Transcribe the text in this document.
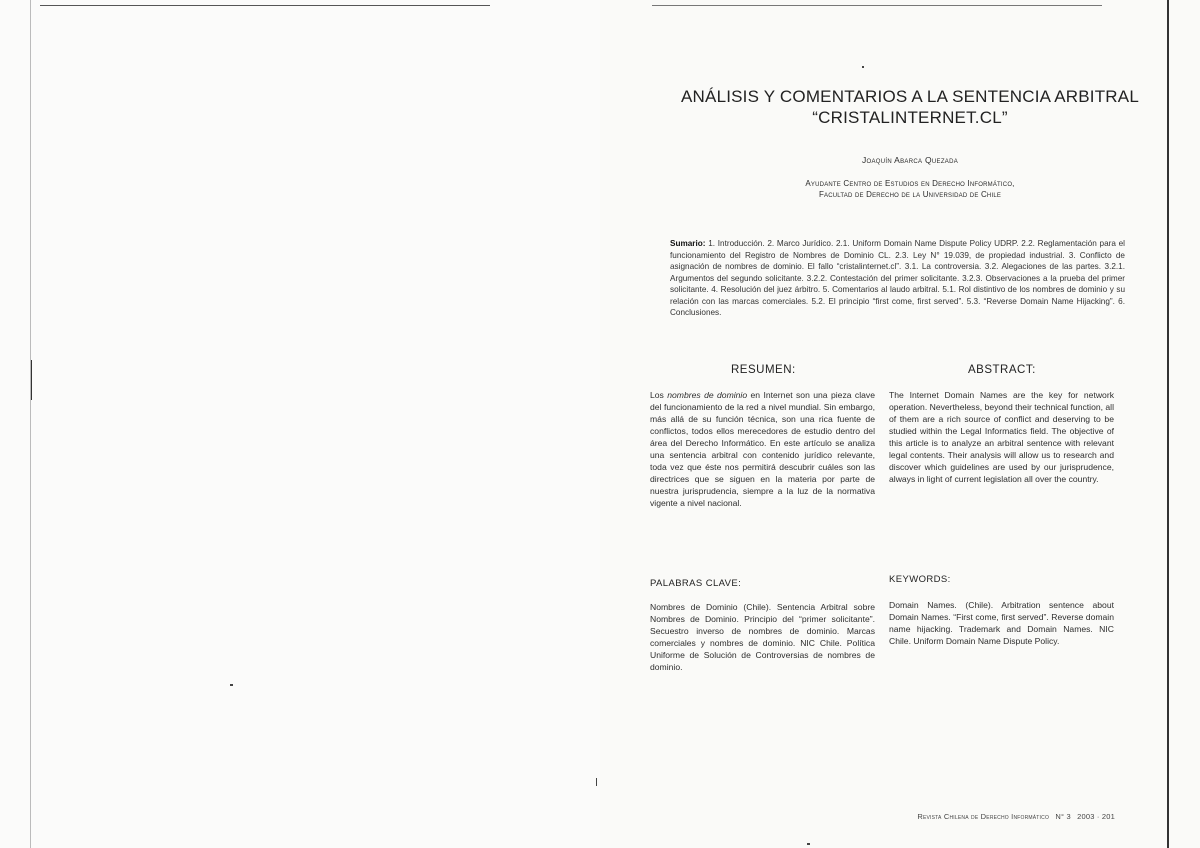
ANÁLISIS Y COMENTARIOS A LA SENTENCIA ARBITRAL
“CRISTALINTERNET.CL”
Joaquín Abarca Quezada
Ayudante Centro de Estudios en Derecho Informático,
Facultad de Derecho de la Universidad de Chile
Sumario: 1. Introducción. 2. Marco Jurídico. 2.1. Uniform Domain Name Dispute Policy UDRP. 2.2. Reglamentación para el funcionamiento del Registro de Nombres de Dominio CL. 2.3. Ley N° 19.039, de propiedad industrial. 3. Conflicto de asignación de nombres de dominio. El fallo “cristalinternet.cl”. 3.1. La controversia. 3.2. Alegaciones de las partes. 3.2.1. Argumentos del segundo solicitante. 3.2.2. Contestación del primer solicitante. 3.2.3. Observaciones a la prueba del primer solicitante. 4. Resolución del juez árbitro. 5. Comentarios al laudo arbitral. 5.1. Rol distintivo de los nombres de dominio y su relación con las marcas comerciales. 5.2. El principio “first come, first served”. 5.3. “Reverse Domain Name Hijacking”. 6. Conclusiones.
RESUMEN:	ABSTRACT:
Los nombres de dominio en Internet son una pieza clave del funcionamiento de la red a nivel mundial. Sin embargo, más allá de su función técnica, son una rica fuente de conflictos, todos ellos merecedores de estudio dentro del área del Derecho Informático. En este artículo se analiza una sentencia arbitral con contenido jurídico relevante, toda vez que éste nos permitirá descubrir cuáles son las directrices que se siguen en la materia por parte de nuestra jurisprudencia, siempre a la luz de la normativa vigente a nivel nacional.
The Internet Domain Names are the key for network operation. Nevertheless, beyond their technical function, all of them are a rich source of conflict and deserving to be studied within the Legal Informatics field. The objective of this article is to analyze an arbitral sentence with relevant legal contents. Their analysis will allow us to research and discover which guidelines are used by our jurisprudence, always in light of current legislation all over the country.
PALABRAS CLAVE:	KEYWORDS:
Nombres de Dominio (Chile). Sentencia Arbitral sobre Nombres de Dominio. Principio del “primer solicitante”. Secuestro inverso de nombres de dominio. Marcas comerciales y nombres de dominio. NIC Chile. Política Uniforme de Solución de Controversias de nombres de dominio.
Domain Names. (Chile). Arbitration sentence about Domain Names. “First come, first served”. Reverse domain name hijacking. Trademark and Domain Names. NIC Chile. Uniform Domain Name Dispute Policy.
Revista Chilena de Derecho Informático N° 3 2003 · 201
